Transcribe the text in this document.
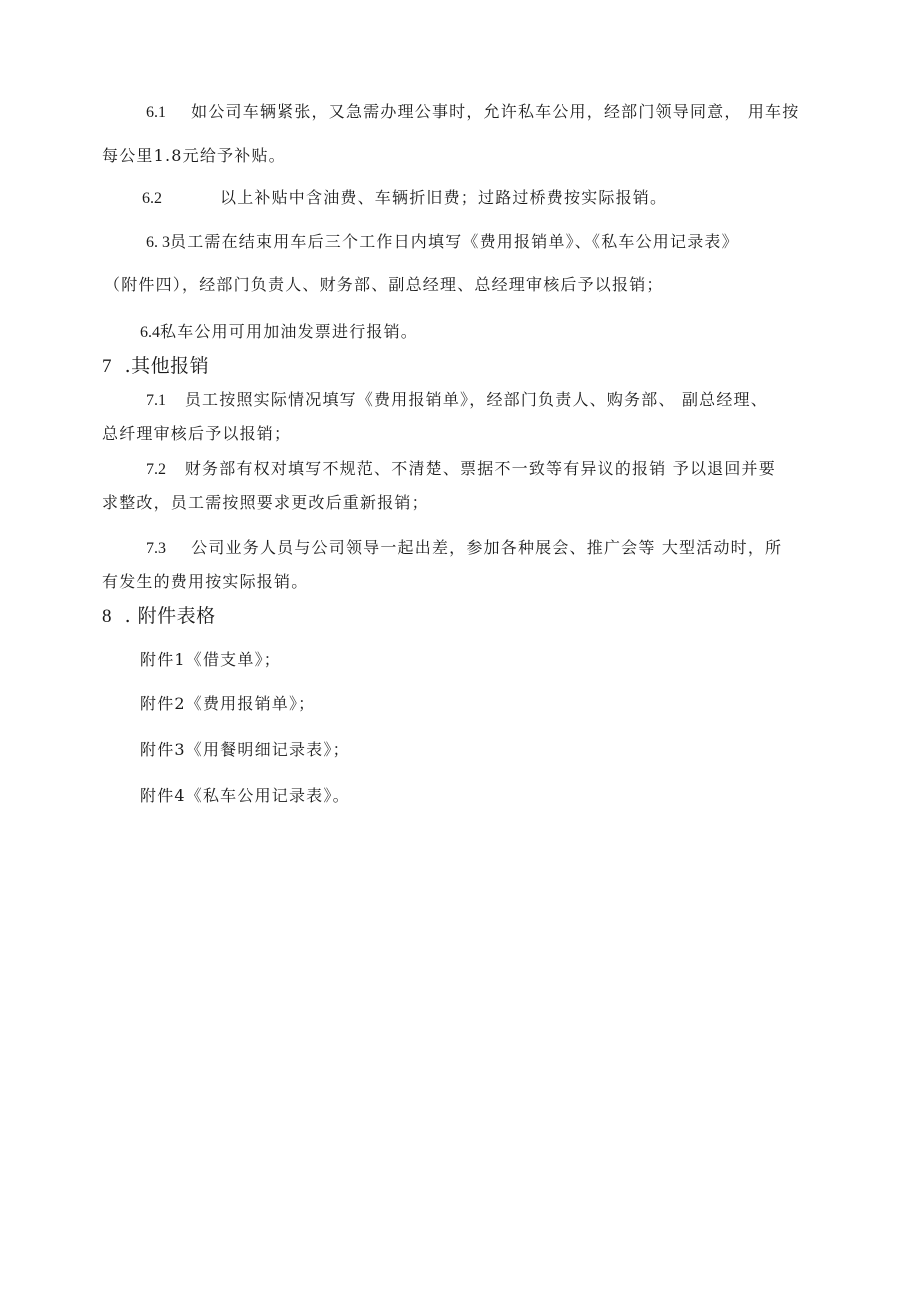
6.1 如公司车辆紧张，又急需办理公事时，允许私车公用，经部门领导同意， 用车按
每公里1.8元给予补贴。
6.2	以上补贴中含油费、车辆折旧费；过路过桥费按实际报销。
6. 3员工需在结束用车后三个工作日内填写《费用报销单》、《私车公用记录表》
（附件四），经部门负责人、财务部、副总经理、总经理审核后予以报销；
6.4私车公用可用加油发票进行报销。
7 .其他报销
7.1 员工按照实际情况填写《费用报销单》，经部门负责人、购务部、 副总经理、
总纤理审核后予以报销；
7.2 财务部有权对填写不规范、不清楚、票据不一致等有异议的报销 予以退回并要
求整改，员工需按照要求更改后重新报销；
7.3 公司业务人员与公司领导一起出差，参加各种展会、推广会等 大型活动时，所
有发生的费用按实际报销。
8 . 附件表格
附件1《借支单》；
附件2《费用报销单》；
附件3《用餐明细记录表》；
附件4《私车公用记录表》。
